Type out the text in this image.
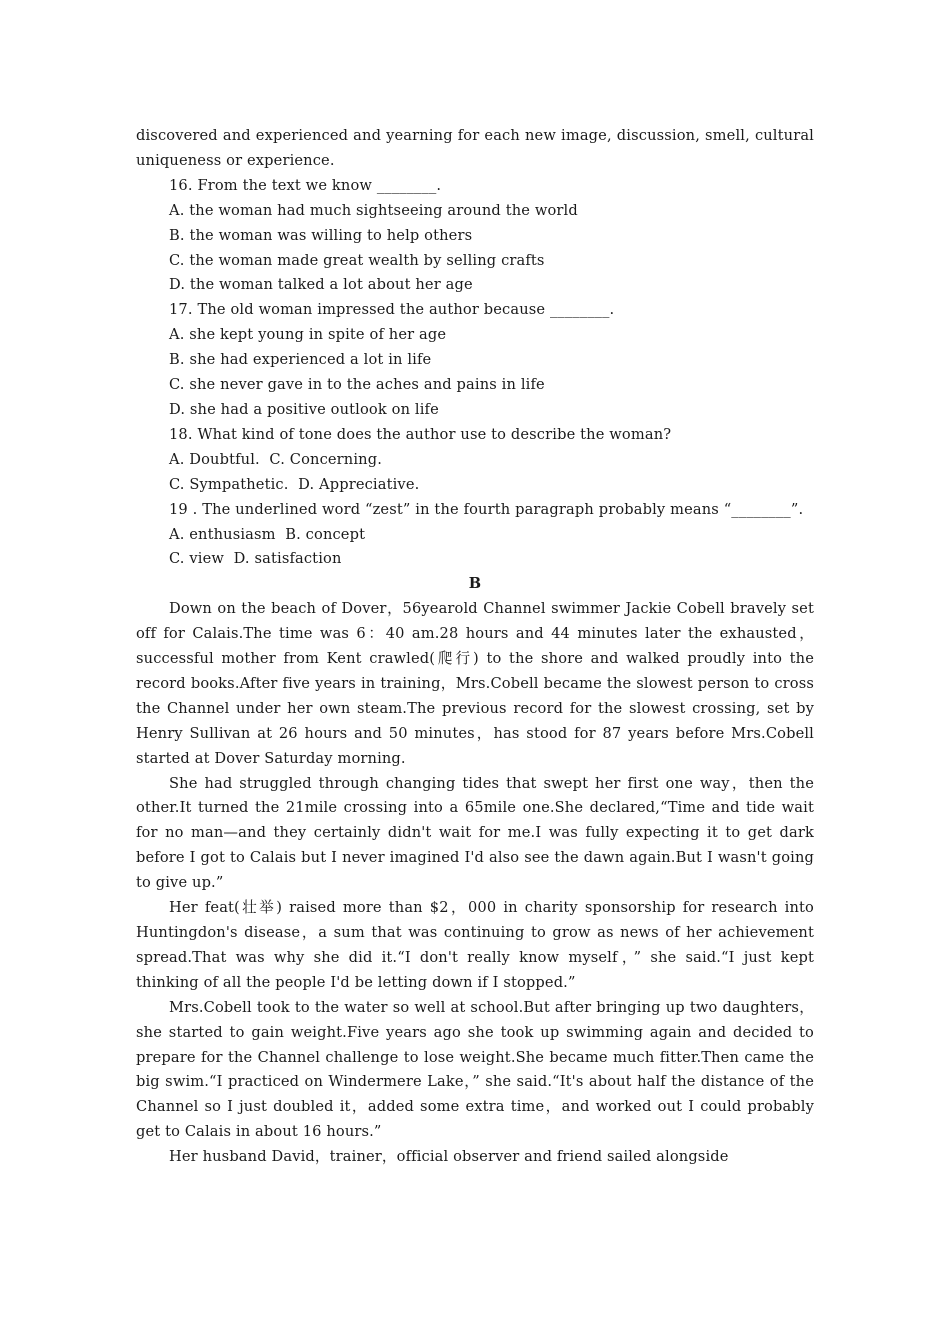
discovered and experienced and yearning for each new image, discussion, smell, cultural uniqueness or experience.

16. From the text we know ________.

A. the woman had much sightseeing around the world

B. the woman was willing to help others

C. the woman made great wealth by selling crafts

D. the woman talked a lot about her age

17. The old woman impressed the author because ________.

A. she kept young in spite of her age

B. she had experienced a lot in life

C. she never gave in to the aches and pains in life

D. she had a positive outlook on life

18. What kind of tone does the author use to describe the woman?

A. Doubtful.  C. Concerning.

C. Sympathetic.  D. Appreciative.

19 . The underlined word “zest” in the fourth paragraph probably means “________”.

A. enthusiasm  B. concept

C. view  D. satisfaction

B

Down on the beach of Dover，56yearold Channel swimmer Jackie Cobell bravely set off for Calais.The time was 6：40 am.28 hours and 44 minutes later the exhausted，successful mother from Kent crawled(爬行) to the shore and walked proudly into the record books.After five years in training，Mrs.Cobell became the slowest person to cross the Channel under her own steam.The previous record for the slowest crossing, set by Henry Sullivan at 26 hours and 50 minutes，has stood for 87 years before Mrs.Cobell started at Dover Saturday morning.

She had struggled through changing tides that swept her first one way，then the other.It turned the 21mile crossing into a 65mile one.She declared,“Time and tide wait for no man—and they certainly didn't wait for me.I was fully expecting it to get dark before I got to Calais but I never imagined I'd also see the dawn again.But I wasn't going to give up.”

Her feat(壮举) raised more than $2，000 in charity sponsorship for research into Huntingdon's disease，a sum that was continuing to grow as news of her achievement spread.That was why she did it.“I don't really know myself，” she said.“I just kept thinking of all the people I'd be letting down if I stopped.”

Mrs.Cobell took to the water so well at school.But after bringing up two daughters，she started to gain weight.Five years ago she took up swimming again and decided to prepare for the Channel challenge to lose weight.She became much fitter.Then came the big swim.“I practiced on Windermere Lake，” she said.“It's about half the distance of the Channel so I just doubled it，added some extra time，and worked out I could probably get to Calais in about 16 hours.”

Her husband David，trainer，official observer and friend sailed alongside
